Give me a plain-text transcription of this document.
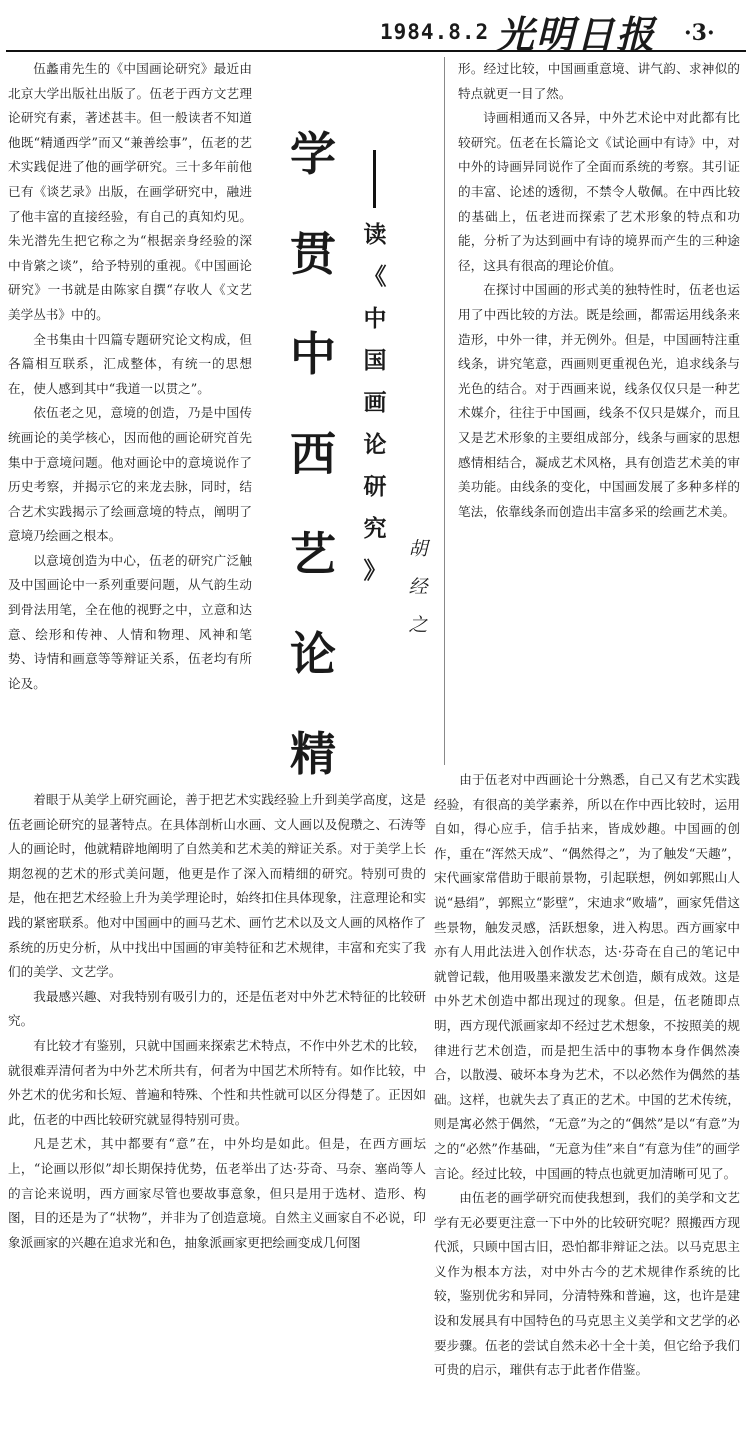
1984.8.2 光明日报 ·3·

伍蠡甫先生的《中国画论研究》最近由北京大学出版社出版了。伍老于西方文艺理论研究有素，著述甚丰。但一般读者不知道他既“精通西学”而又“兼善绘事”，伍老的艺术实践促进了他的画学研究。三十多年前他已有《谈艺录》出版，在画学研究中，融进了他丰富的直接经验，有自己的真知灼见。朱光潜先生把它称之为“根据亲身经验的深中肯綮之谈”，给予特别的重视。《中国画论研究》一书就是由陈家自撰“存收人《文艺美学丛书》中的。

全书集由十四篇专题研究论文构成，但各篇相互联系，汇成整体，有统一的思想在，使人感到其中“我道一以贯之”。

依伍老之见，意境的创造，乃是中国传统画论的美学核心，因而他的画论研究首先集中于意境问题。他对画论中的意境说作了历史考察，并揭示它的来龙去脉，同时，结合艺术实践揭示了绘画意境的特点，阐明了意境乃绘画之根本。

以意境创造为中心，伍老的研究广泛触及中国画论中一系列重要问题，从气韵生动到骨法用笔，全在他的视野之中，立意和达意、绘形和传神、人情和物理、风神和笔势、诗情和画意等等辩证关系，伍老均有所论及。

学
贯
中
西
艺
论
精
读
《
中
国
画
论
研
究
》
胡
经
之

形。经过比较，中国画重意境、讲气韵、求神似的特点就更一目了然。

诗画相通而又各异，中外艺术论中对此都有比较研究。伍老在长篇论文《试论画中有诗》中，对中外的诗画异同说作了全面而系统的考察。其引证的丰富、论述的透彻，不禁令人敬佩。在中西比较的基础上，伍老进而探索了艺术形象的特点和功能，分析了为达到画中有诗的境界而产生的三种途径，这具有很高的理论价值。

在探讨中国画的形式美的独特性时，伍老也运用了中西比较的方法。既是绘画，都需运用线条来造形，中外一律，并无例外。但是，中国画特注重线条，讲究笔意，西画则更重视色光，追求线条与光色的结合。对于西画来说，线条仅仅只是一种艺术媒介，往往于中国画，线条不仅只是媒介，而且又是艺术形象的主要组成部分，线条与画家的思想感情相结合，凝成艺术风格，具有创造艺术美的审美功能。由线条的变化，中国画发展了多种多样的笔法，依靠线条而创造出丰富多采的绘画艺术美。

着眼于从美学上研究画论，善于把艺术实践经验上升到美学高度，这是伍老画论研究的显著特点。在具体剖析山水画、文人画以及倪瓒之、石涛等人的画论时，他就精辟地阐明了自然美和艺术美的辩证关系。对于美学上长期忽视的艺术的形式美问题，他更是作了深入而精细的研究。特别可贵的是，他在把艺术经验上升为美学理论时，始终扣住具体现象，注意理论和实践的紧密联系。他对中国画中的画马艺术、画竹艺术以及文人画的风格作了系统的历史分析，从中找出中国画的审美特征和艺术规律，丰富和充实了我们的美学、文艺学。

我最感兴趣、对我特别有吸引力的，还是伍老对中外艺术特征的比较研究。

有比较才有鉴别，只就中国画来探索艺术特点，不作中外艺术的比较，就很难弄清何者为中外艺术所共有，何者为中国艺术所特有。如作比较，中外艺术的优劣和长短、普遍和特殊、个性和共性就可以区分得楚了。正因如此，伍老的中西比较研究就显得特别可贵。

凡是艺术，其中都要有“意”在，中外均是如此。但是，在西方画坛上，“论画以形似”却长期保持优势，伍老举出了达·芬奇、马奈、塞尚等人的言论来说明，西方画家尽管也要故事意象，但只是用于选材、造形、构图，目的还是为了“状物”，并非为了创造意境。自然主义画家自不必说，印象派画家的兴趣在追求光和色，抽象派画家更把绘画变成几何图

由于伍老对中西画论十分熟悉，自己又有艺术实践经验，有很高的美学素养，所以在作中西比较时，运用自如，得心应手，信手拈来，皆成妙趣。中国画的创作，重在“浑然天成”、“偶然得之”，为了触发“天趣”，宋代画家常借助于眼前景物，引起联想，例如郭熙山人说“悬绢”，郭熙立“影壁”，宋迪求“败墙”，画家凭借这些景物，触发灵感，活跃想象，进入构思。西方画家中亦有人用此法进入创作状态，达·芬奇在自己的笔记中就曾记载，他用吸墨来激发艺术创造，颇有成效。这是中外艺术创造中都出现过的现象。但是，伍老随即点明，西方现代派画家却不经过艺术想象，不按照美的规律进行艺术创造，而是把生活中的事物本身作偶然凑合，以散漫、破坏本身为艺术，不以必然作为偶然的基础。这样，也就失去了真正的艺术。中国的艺术传统，则是寓必然于偶然，“无意”为之的“偶然”是以“有意”为之的“必然”作基础，“无意为佳”来自“有意为佳”的画学言论。经过比较，中国画的特点也就更加清晰可见了。

由伍老的画学研究而使我想到，我们的美学和文艺学有无必要更注意一下中外的比较研究呢？照搬西方现代派，只顾中国古旧，恐怕都非辩证之法。以马克思主义作为根本方法，对中外古今的艺术规律作系统的比较，鉴别优劣和异同，分清特殊和普遍，这，也许是建设和发展具有中国特色的马克思主义美学和文艺学的必要步骤。伍老的尝试自然未必十全十美，但它给予我们可贵的启示，璀供有志于此者作借鉴。
